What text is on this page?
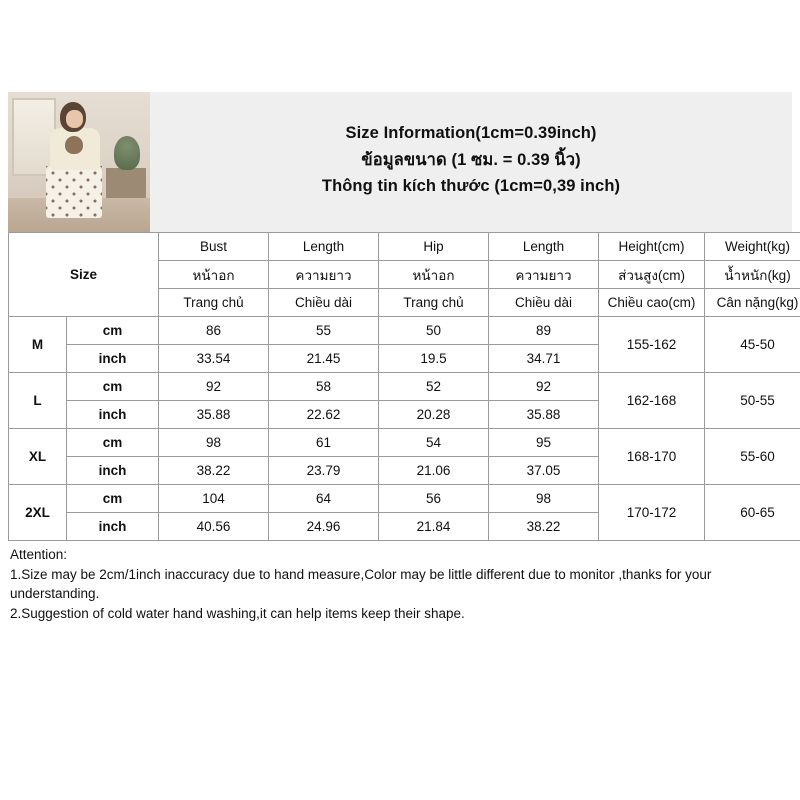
Size Information(1cm=0.39inch)
ข้อมูลขนาด (1 ซม. = 0.39 นิ้ว)
Thông tin kích thước (1cm=0,39 inch)
Size		Bust	Length	Hip	Length	Height(cm)	Weight(kg)
		หน้าอก	ความยาว	หน้าอก	ความยาว	ส่วนสูง(cm)	น้ำหนัก(kg)
		Trang chủ	Chiều dài	Trang chủ	Chiều dài	Chiều cao(cm)	Cân nặng(kg)
M	cm	86	55	50	89	155-162	45-50
	inch	33.54	21.45	19.5	34.71		
L	cm	92	58	52	92	162-168	50-55
	inch	35.88	22.62	20.28	35.88		
XL	cm	98	61	54	95	168-170	55-60
	inch	38.22	23.79	21.06	37.05		
2XL	cm	104	64	56	98	170-172	60-65
	inch	40.56	24.96	21.84	38.22		
Attention:
1.Size may be 2cm/1inch inaccuracy due to hand measure,Color may be little different due to monitor ,thanks for your
understanding.
2.Suggestion of cold water hand washing,it can help items keep their shape.
